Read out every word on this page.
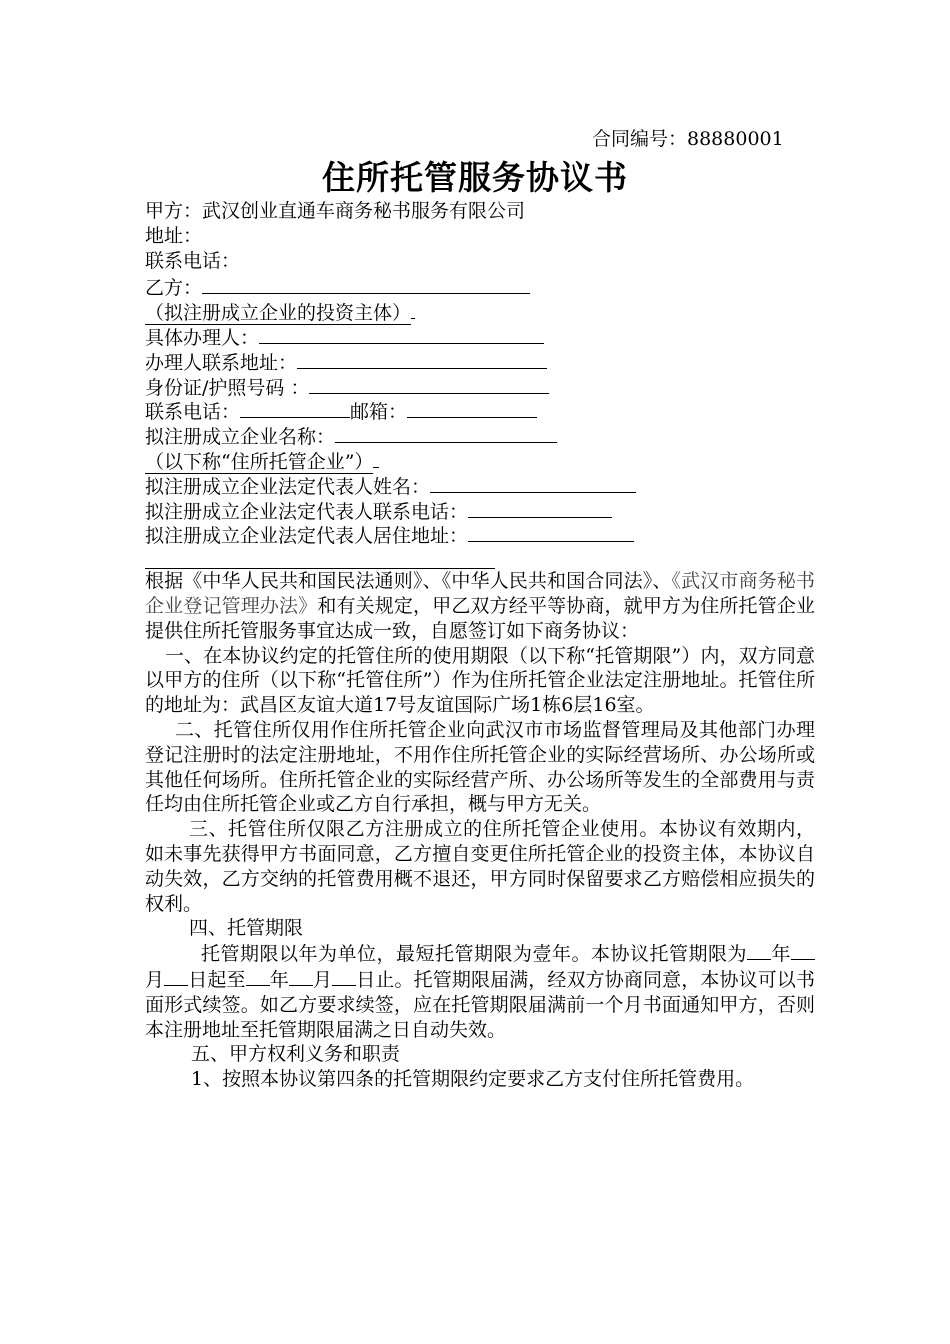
合同编号：88880001
住所托管服务协议书
甲方：武汉创业直通车商务秘书服务有限公司
地址：
联系电话：
乙方：
（拟注册成立企业的投资主体）
具体办理人：
办理人联系地址：
身份证/护照号码 ：
联系电话：	邮箱：
拟注册成立企业名称：
（以下称“住所托管企业”）
拟注册成立企业法定代表人姓名：
拟注册成立企业法定代表人联系电话：
拟注册成立企业法定代表人居住地址：
根据《中华人民共和国民法通则》、《中华人民共和国合同法》、《武汉市商务秘书企业登记管理办法》和有关规定，甲乙双方经平等协商，就甲方为住所托管企业提供住所托管服务事宜达成一致，自愿签订如下商务协议：
一、在本协议约定的托管住所的使用期限（以下称“托管期限”）内，双方同意以甲方的住所（以下称“托管住所”）作为住所托管企业法定注册地址。托管住所的地址为：武昌区友谊大道17号友谊国际广场1栋6层16室。
二、托管住所仅用作住所托管企业向武汉市市场监督管理局及其他部门办理登记注册时的法定注册地址，不用作住所托管企业的实际经营场所、办公场所或其他任何场所。住所托管企业的实际经营产所、办公场所等发生的全部费用与责任均由住所托管企业或乙方自行承担，概与甲方无关。
三、托管住所仅限乙方注册成立的住所托管企业使用。本协议有效期内，如未事先获得甲方书面同意，乙方擅自变更住所托管企业的投资主体，本协议自动失效，乙方交纳的托管费用概不退还，甲方同时保留要求乙方赔偿相应损失的权利。
四、托管期限
托管期限以年为单位，最短托管期限为壹年。本协议托管期限为 年月 日起至 年 月 日止。托管期限届满，经双方协商同意，本协议可以书面形式续签。如乙方要求续签，应在托管期限届满前一个月书面通知甲方，否则本注册地址至托管期限届满之日自动失效。
五、甲方权利义务和职责
1、按照本协议第四条的托管期限约定要求乙方支付住所托管费用。
